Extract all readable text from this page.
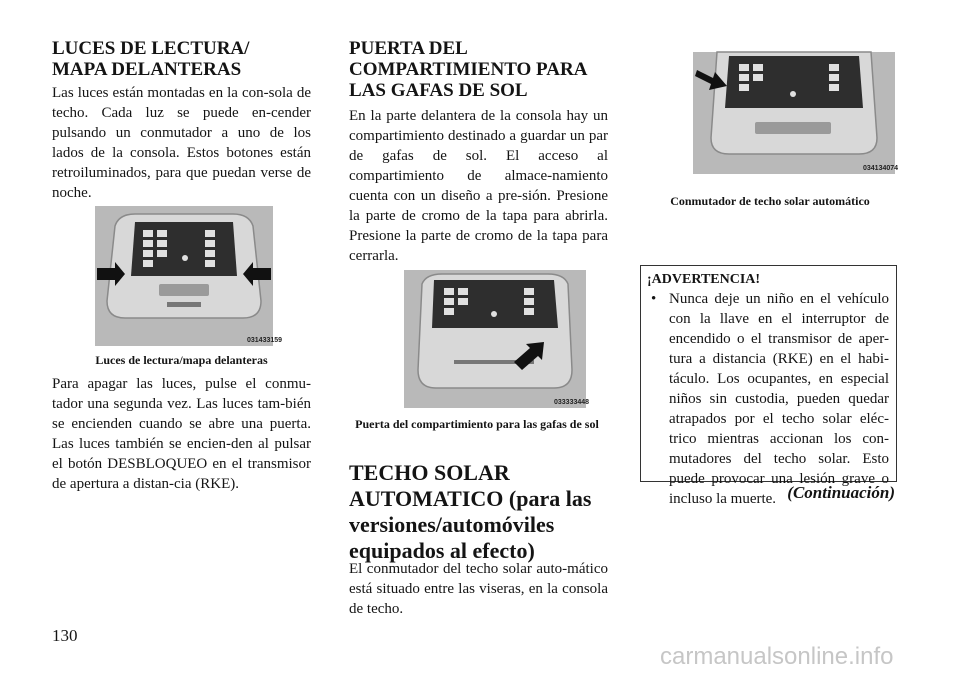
LUCES DE LECTURA/
MAPA DELANTERAS

Las luces están montadas en la con-sola de techo. Cada luz se puede en-cender pulsando un conmutador a uno de los lados de la consola. Estos botones están retroiluminados, para que puedan verse de noche.

031433159

Luces de lectura/mapa delanteras

Para apagar las luces, pulse el conmu-tador una segunda vez. Las luces tam-bién se encienden cuando se abre una puerta. Las luces también se encien-den al pulsar el botón DESBLOQUEO en el transmisor de apertura a distan-cia (RKE).

PUERTA DEL
COMPARTIMIENTO PARA
LAS GAFAS DE SOL

En la parte delantera de la consola hay un compartimiento destinado a guardar un par de gafas de sol. El acceso al compartimiento de almace-namiento cuenta con un diseño a pre-sión. Presione la parte de cromo de la tapa para abrirla. Presione la parte de cromo de la tapa para cerrarla.

033333448

Puerta del compartimiento para las gafas de sol

TECHO SOLAR
AUTOMATICO (para las
versiones/automóviles
equipados al efecto)

El conmutador del techo solar auto-mático está situado entre las viseras, en la consola de techo.

034134074

Conmutador de techo solar automático

¡ADVERTENCIA!

• Nunca deje un niño en el vehículo con la llave en el interruptor de encendido o el transmisor de aper-tura a distancia (RKE) en el habi-táculo. Los ocupantes, en especial niños sin custodia, pueden quedar atrapados por el techo solar eléc-trico mientras accionan los con-mutadores del techo solar. Esto puede provocar una lesión grave o incluso la muerte. (Continuación)
130
carmanualsonline.info
